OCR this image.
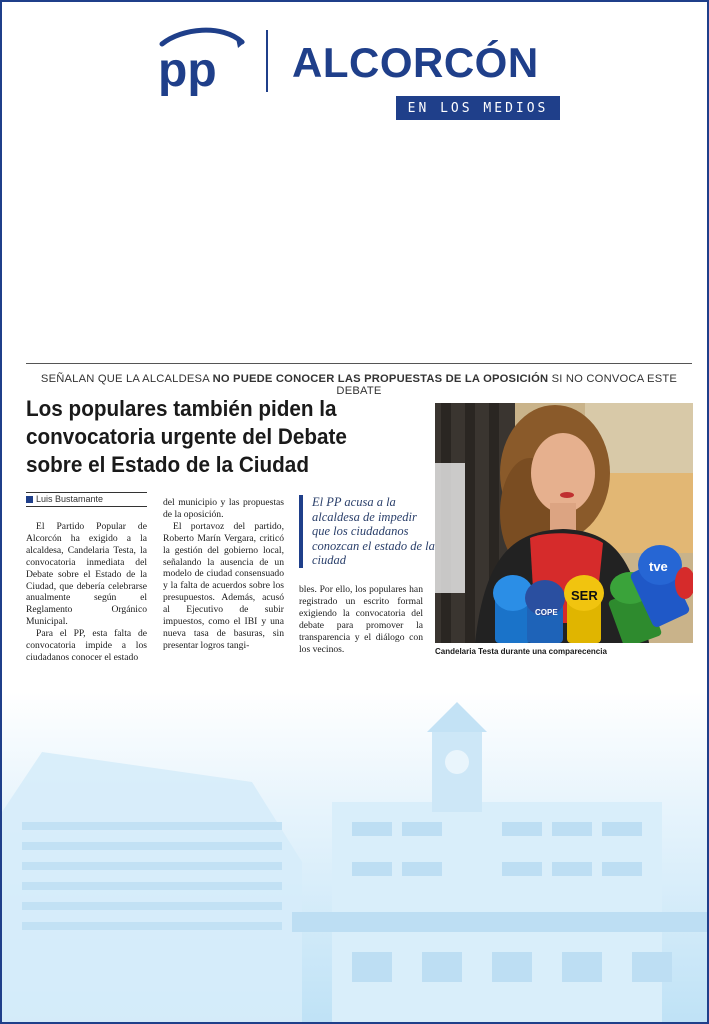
pp ALCORCÓN
EN LOS MEDIOS
SEÑALAN QUE LA ALCALDESA NO PUEDE CONOCER LAS PROPUESTAS DE LA OPOSICIÓN SI NO CONVOCA ESTE DEBATE
Los populares también piden la
convocatoria urgente del Debate
sobre el Estado de la Ciudad
Luis Bustamante

El Partido Popular de Alcorcón ha exigido a la alcaldesa, Candelaria Testa, la convocatoria inmediata del Debate sobre el Estado de la Ciudad, que debería celebrarse anualmente según el Reglamento Orgánico Municipal.

Para el PP, esta falta de convocatoria impide a los ciudadanos conocer el estado

del municipio y las propuestas de la oposición.

El portavoz del partido, Roberto Marín Vergara, criticó la gestión del gobierno local, señalando la ausencia de un modelo de ciudad consensuado y la falta de acuerdos sobre los presupuestos. Además, acusó al Ejecutivo de subir impuestos, como el IBI y una nueva tasa de basuras, sin presentar logros tangi-

El PP acusa a la alcaldesa de impedir que los ciudadanos conozcan el estado de la ciudad

bles. Por ello, los populares han registrado un escrito formal exigiendo la convocatoria del debate para promover la transparencia y el diálogo con los vecinos.

COPE
SER
tve
Candelaria Testa durante una comparecencia
